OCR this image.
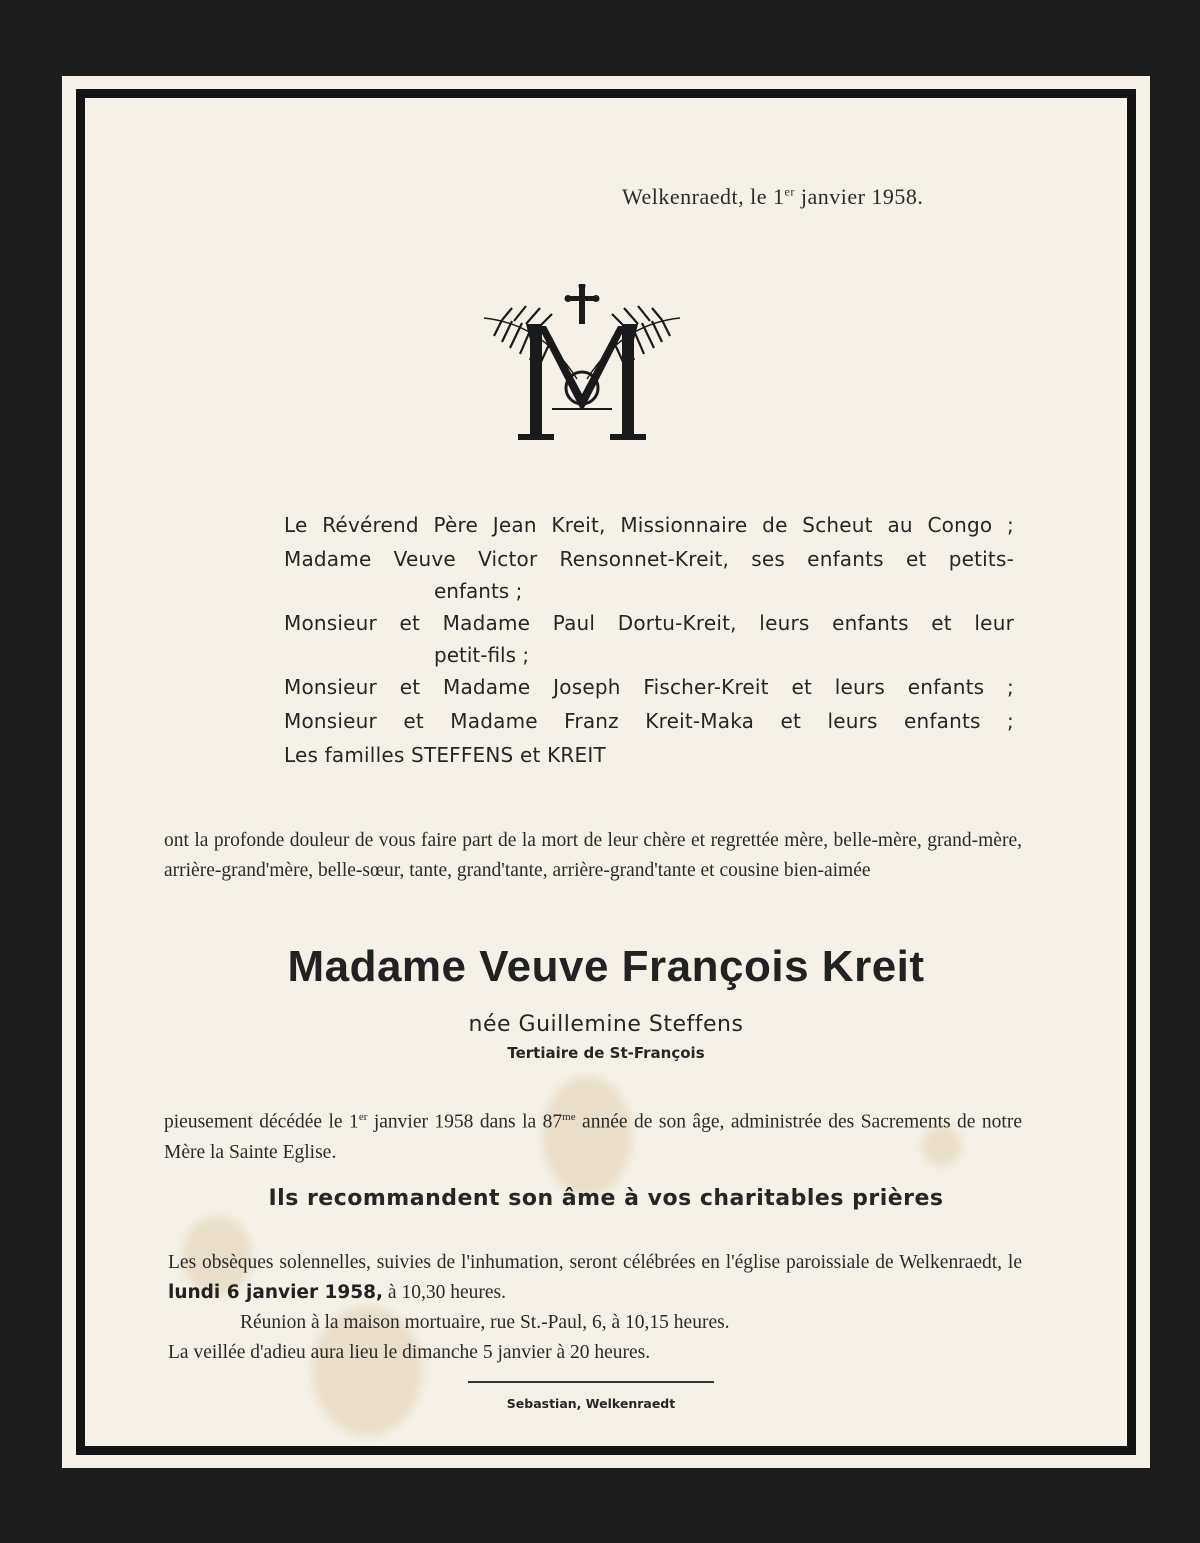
Welkenraedt, le 1er janvier 1958.
Le Révérend Père Jean Kreit, Missionnaire de Scheut au Congo ;
Madame Veuve Victor Rensonnet-Kreit, ses enfants et petits-
enfants ;
Monsieur et Madame Paul Dortu-Kreit, leurs enfants et leur
petit-fils ;
Monsieur et Madame Joseph Fischer-Kreit et leurs enfants ;
Monsieur et Madame Franz Kreit-Maka et leurs enfants ;
Les familles STEFFENS et KREIT
ont la profonde douleur de vous faire part de la mort de leur chère et regrettée mère, belle-mère, grand-mère, arrière-grand'mère, belle-sœur, tante, grand'tante, arrière-grand'tante et cousine bien-aimée
Madame Veuve François Kreit
née Guillemine Steffens
Tertiaire de St-François
pieusement décédée le 1er janvier 1958 dans la $87^{me}$ année de son âge, administrée des Sacrements de notre Mère la Sainte Eglise.
Ils recommandent son âme à vos charitables prières
Les obsèques solennelles, suivies de l'inhumation, seront célébrées en l'église paroissiale de Welkenraedt, le lundi 6 janvier 1958, à 10,30 heures.
Réunion à la maison mortuaire, rue St.-Paul, 6, à 10,15 heures.
La veillée d'adieu aura lieu le dimanche 5 janvier à 20 heures.
Sebastian, Welkenraedt
